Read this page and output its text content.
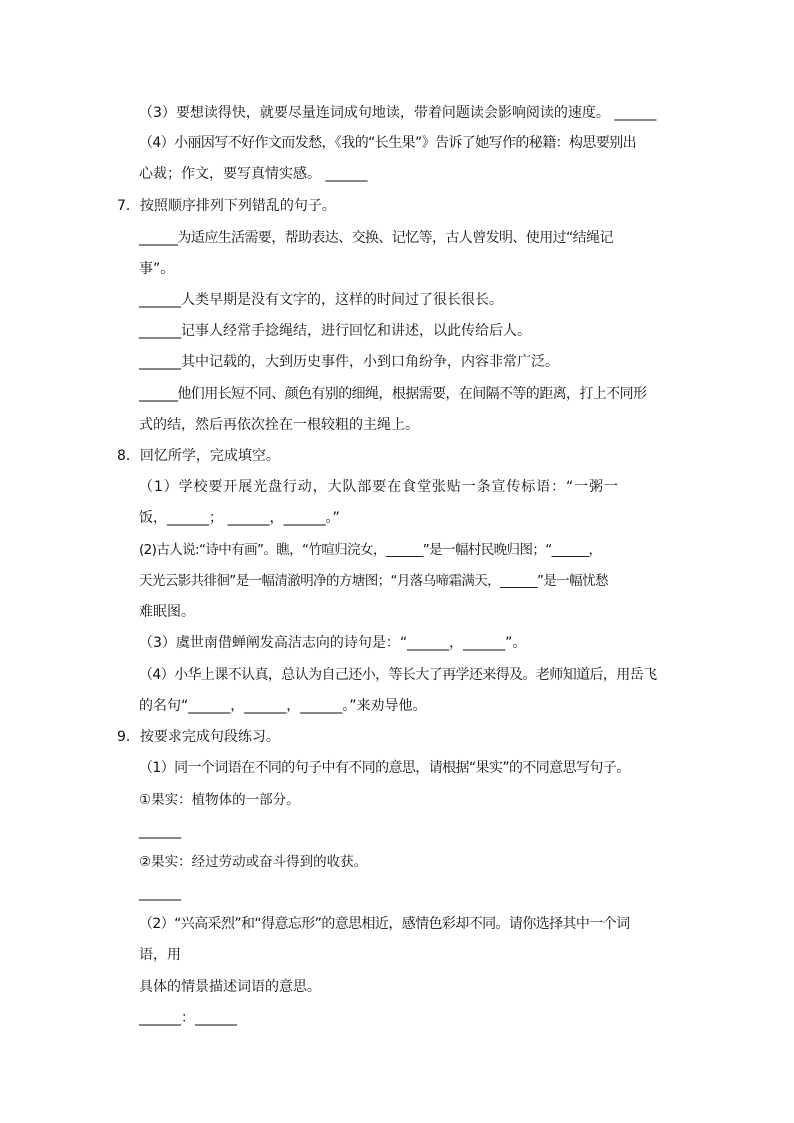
（3）要想读得快，就要尽量连词成句地读，带着问题读会影响阅读的速度。 ______

（4）小丽因写不好作文而发愁，《我的“长生果”》告诉了她写作的秘籍：构思要别出

心裁；作文，要写真情实感。 ______

7．按照顺序排列下列错乱的句子。

______为适应生活需要，帮助表达、交换、记忆等，古人曾发明、使用过“结绳记

事”。

______人类早期是没有文字的，这样的时间过了很长很长。

______记事人经常手捻绳结，进行回忆和讲述，以此传给后人。

______其中记载的，大到历史事件，小到口角纷争，内容非常广泛。

______他们用长短不同、颜色有别的细绳，根据需要，在间隔不等的距离，打上不同形

式的结，然后再依次拴在一根较粗的主绳上。

8．回忆所学，完成填空。

（1）学校要开展光盘行动，大队部要在食堂张贴一条宣传标语：“一粥一

饭，______； ______，______。”

(2)古人说:“诗中有画”。瞧，“竹喧归浣女，______”是一幅村民晚归图；“______，

天光云影共徘徊”是一幅清澈明净的方塘图；“月落乌啼霜满天，______”是一幅忧愁

难眠图。

（3）虞世南借蝉阐发高洁志向的诗句是：“______，______”。

（4）小华上课不认真，总认为自己还小，等长大了再学还来得及。老师知道后，用岳飞

的名句“______，______，______。”来劝导他。

9．按要求完成句段练习。

（1）同一个词语在不同的句子中有不同的意思，请根据“果实”的不同意思写句子。

①果实：植物体的一部分。

______

②果实：经过劳动或奋斗得到的收获。

______

（2）“兴高采烈”和“得意忘形”的意思相近，感情色彩却不同。请你选择其中一个词

语，用

具体的情景描述词语的意思。

______：______
